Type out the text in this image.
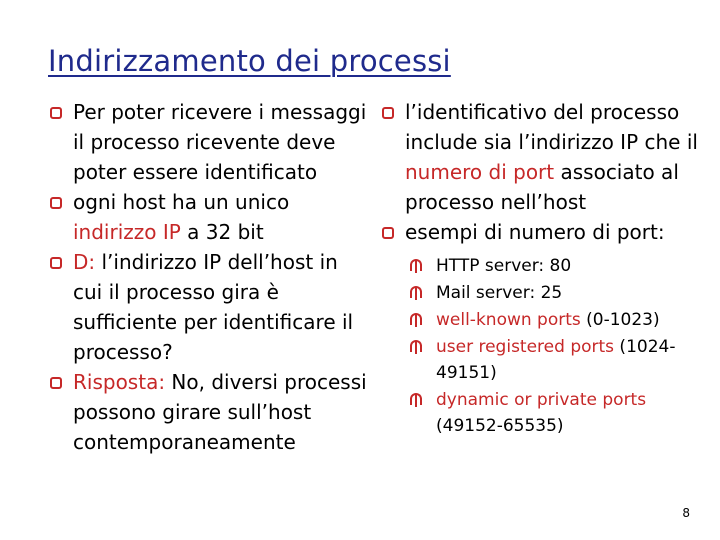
Indirizzamento dei processi

Per poter ricevere i messaggi il processo ricevente deve poter essere identificato

ogni host ha un unico indirizzo IP a 32 bit

D: l’indirizzo IP dell’host in cui il processo gira è sufficiente per identificare il processo?

Risposta: No, diversi processi possono girare sull’host contemporaneamente

l’identificativo del processo include sia l’indirizzo IP che il numero di port associato al processo nell’host

esempi di numero di port:

HTTP server: 80

Mail server: 25

well-known ports (0-1023)

user registered ports (1024-49151)

dynamic or private ports (49152-65535)

8
